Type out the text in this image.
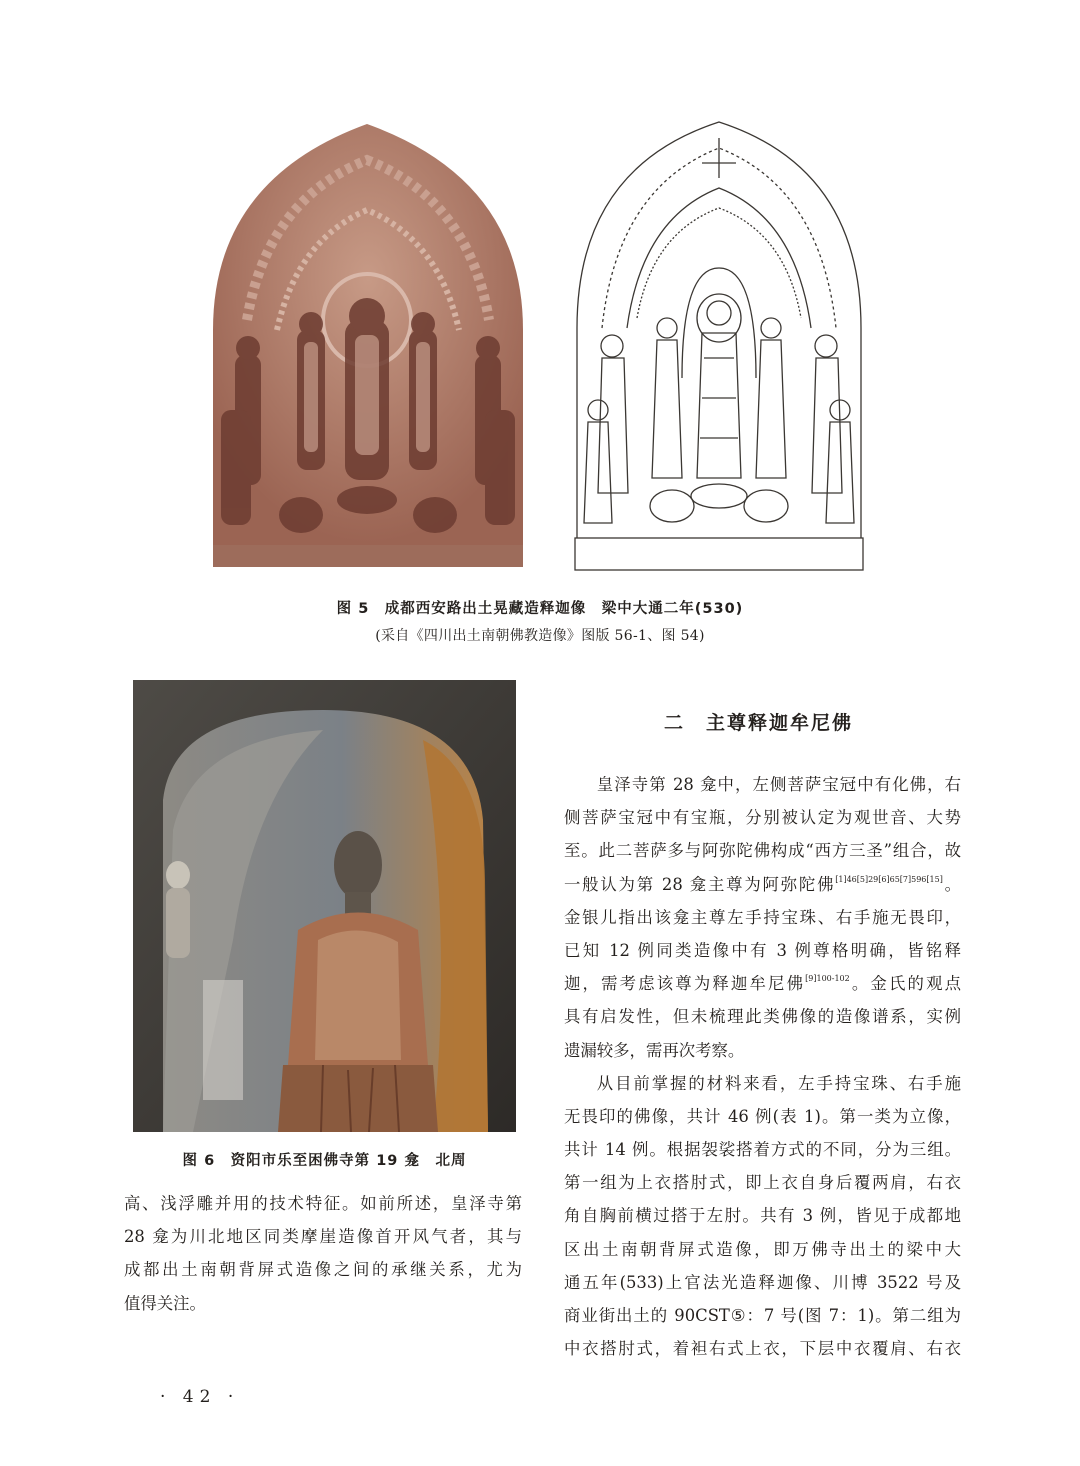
图 5　成都西安路出土晃藏造释迦像　梁中大通二年(530)
(采自《四川出土南朝佛教造像》图版 56-1、图 54)
图 6　资阳市乐至困佛寺第 19 龛　北周
高、浅浮雕并用的技术特征。如前所述，皇泽寺第
28 龛为川北地区同类摩崖造像首开风气者，其与
成都出土南朝背屏式造像之间的承继关系，尤为
值得关注。
二　主尊释迦牟尼佛
皇泽寺第 28 龛中，左侧菩萨宝冠中有化佛，右
侧菩萨宝冠中有宝瓶，分别被认定为观世音、大势
至。此二菩萨多与阿弥陀佛构成“西方三圣”组合，故
一般认为第 28 龛主尊为阿弥陀佛[1]46[5]29[6]65[7]596[15]。
金银儿指出该龛主尊左手持宝珠、右手施无畏印，
已知 12 例同类造像中有 3 例尊格明确，皆铭释
迦，需考虑该尊为释迦牟尼佛$^{[9]100-102}$。金氏的观点
具有启发性，但未梳理此类佛像的造像谱系，实例
遗漏较多，需再次考察。
从目前掌握的材料来看，左手持宝珠、右手施
无畏印的佛像，共计 46 例(表 1)。第一类为立像，
共计 14 例。根据袈裟搭着方式的不同，分为三组。
第一组为上衣搭肘式，即上衣自身后覆两肩，右衣
角自胸前横过搭于左肘。共有 3 例，皆见于成都地
区出土南朝背屏式造像，即万佛寺出土的梁中大
通五年(533)上官法光造释迦像、川博 3522 号及
商业街出土的 90CST⑤：7 号(图 7：1)。第二组为
中衣搭肘式，着袒右式上衣，下层中衣覆肩、右衣
· 42 ·
